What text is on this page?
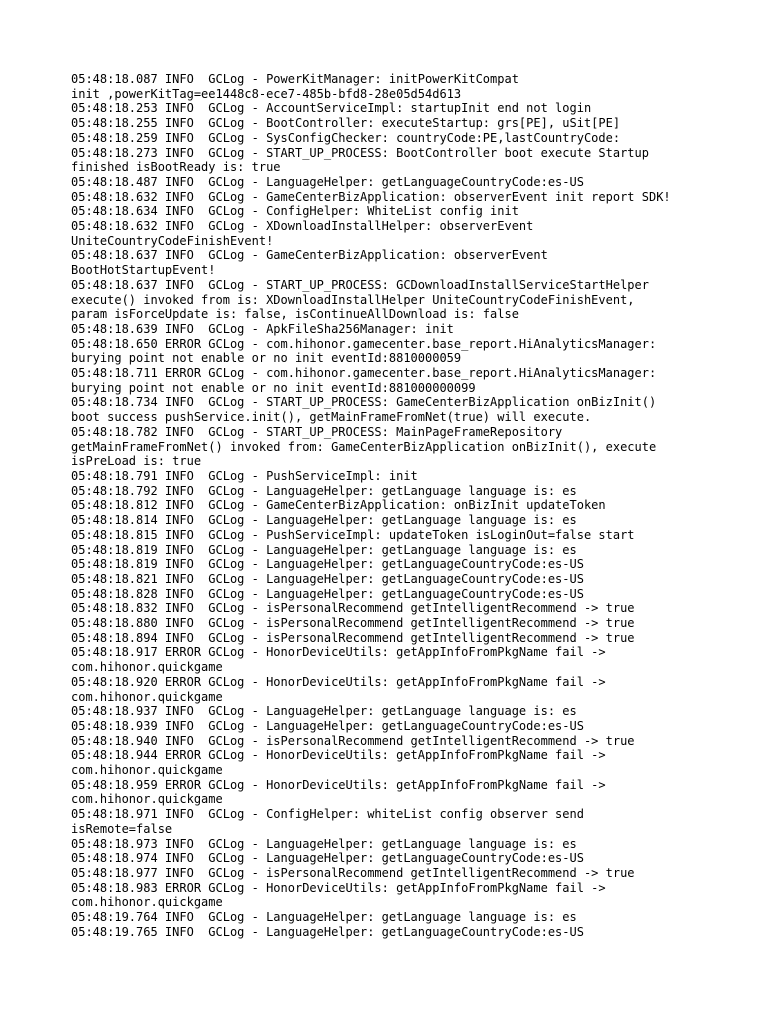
05:48:18.087 INFO  GCLog - PowerKitManager: initPowerKitCompat
init ,powerKitTag=ee1448c8-ece7-485b-bfd8-28e05d54d613
05:48:18.253 INFO  GCLog - AccountServiceImpl: startupInit end not login
05:48:18.255 INFO  GCLog - BootController: executeStartup: grs[PE], uSit[PE]
05:48:18.259 INFO  GCLog - SysConfigChecker: countryCode:PE,lastCountryCode:
05:48:18.273 INFO  GCLog - START_UP_PROCESS: BootController boot execute Startup
finished isBootReady is: true
05:48:18.487 INFO  GCLog - LanguageHelper: getLanguageCountryCode:es-US
05:48:18.632 INFO  GCLog - GameCenterBizApplication: observerEvent init report SDK!
05:48:18.634 INFO  GCLog - ConfigHelper: WhiteList config init
05:48:18.632 INFO  GCLog - XDownloadInstallHelper: observerEvent
UniteCountryCodeFinishEvent!
05:48:18.637 INFO  GCLog - GameCenterBizApplication: observerEvent
BootHotStartupEvent!
05:48:18.637 INFO  GCLog - START_UP_PROCESS: GCDownloadInstallServiceStartHelper
execute() invoked from is: XDownloadInstallHelper UniteCountryCodeFinishEvent,
param isForceUpdate is: false, isContinueAllDownload is: false
05:48:18.639 INFO  GCLog - ApkFileSha256Manager: init
05:48:18.650 ERROR GCLog - com.hihonor.gamecenter.base_report.HiAnalyticsManager:
burying point not enable or no init eventId:8810000059
05:48:18.711 ERROR GCLog - com.hihonor.gamecenter.base_report.HiAnalyticsManager:
burying point not enable or no init eventId:881000000099
05:48:18.734 INFO  GCLog - START_UP_PROCESS: GameCenterBizApplication onBizInit()
boot success pushService.init(), getMainFrameFromNet(true) will execute.
05:48:18.782 INFO  GCLog - START_UP_PROCESS: MainPageFrameRepository
getMainFrameFromNet() invoked from: GameCenterBizApplication onBizInit(), execute
isPreLoad is: true
05:48:18.791 INFO  GCLog - PushServiceImpl: init
05:48:18.792 INFO  GCLog - LanguageHelper: getLanguage language is: es
05:48:18.812 INFO  GCLog - GameCenterBizApplication: onBizInit updateToken
05:48:18.814 INFO  GCLog - LanguageHelper: getLanguage language is: es
05:48:18.815 INFO  GCLog - PushServiceImpl: updateToken isLoginOut=false start
05:48:18.819 INFO  GCLog - LanguageHelper: getLanguage language is: es
05:48:18.819 INFO  GCLog - LanguageHelper: getLanguageCountryCode:es-US
05:48:18.821 INFO  GCLog - LanguageHelper: getLanguageCountryCode:es-US
05:48:18.828 INFO  GCLog - LanguageHelper: getLanguageCountryCode:es-US
05:48:18.832 INFO  GCLog - isPersonalRecommend getIntelligentRecommend -> true
05:48:18.880 INFO  GCLog - isPersonalRecommend getIntelligentRecommend -> true
05:48:18.894 INFO  GCLog - isPersonalRecommend getIntelligentRecommend -> true
05:48:18.917 ERROR GCLog - HonorDeviceUtils: getAppInfoFromPkgName fail ->
com.hihonor.quickgame
05:48:18.920 ERROR GCLog - HonorDeviceUtils: getAppInfoFromPkgName fail ->
com.hihonor.quickgame
05:48:18.937 INFO  GCLog - LanguageHelper: getLanguage language is: es
05:48:18.939 INFO  GCLog - LanguageHelper: getLanguageCountryCode:es-US
05:48:18.940 INFO  GCLog - isPersonalRecommend getIntelligentRecommend -> true
05:48:18.944 ERROR GCLog - HonorDeviceUtils: getAppInfoFromPkgName fail ->
com.hihonor.quickgame
05:48:18.959 ERROR GCLog - HonorDeviceUtils: getAppInfoFromPkgName fail ->
com.hihonor.quickgame
05:48:18.971 INFO  GCLog - ConfigHelper: whiteList config observer send
isRemote=false
05:48:18.973 INFO  GCLog - LanguageHelper: getLanguage language is: es
05:48:18.974 INFO  GCLog - LanguageHelper: getLanguageCountryCode:es-US
05:48:18.977 INFO  GCLog - isPersonalRecommend getIntelligentRecommend -> true
05:48:18.983 ERROR GCLog - HonorDeviceUtils: getAppInfoFromPkgName fail ->
com.hihonor.quickgame
05:48:19.764 INFO  GCLog - LanguageHelper: getLanguage language is: es
05:48:19.765 INFO  GCLog - LanguageHelper: getLanguageCountryCode:es-US
